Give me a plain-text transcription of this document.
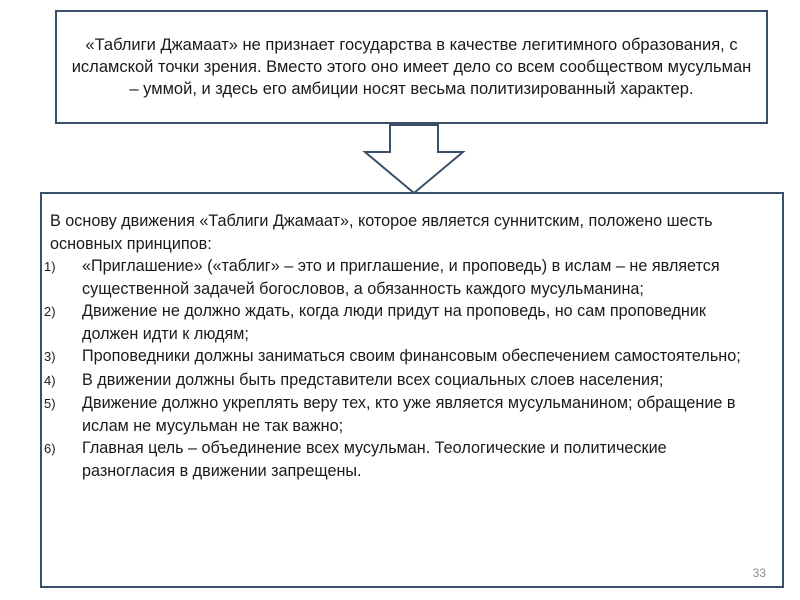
«Таблиги Джамаат» не признает государства в качестве легитимного образования, с исламской точки зрения. Вместо этого оно имеет дело со всем сообществом мусульман – уммой, и здесь его амбиции носят весьма политизированный характер.
В основу движения «Таблиги Джамаат», которое является суннитским, положено шесть основных принципов:
1)	«Приглашение» («таблиг» – это и приглашение, и проповедь) в ислам – не является существенной задачей богословов, а обязанность каждого мусульманина;
2)	Движение не должно ждать, когда люди придут на проповедь, но сам проповедник должен идти к людям;
3)	Проповедники должны заниматься своим финансовым обеспечением самостоятельно;
4)	В движении должны быть представители всех социальных слоев населения;
5)	Движение должно укреплять веру тех, кто уже является мусульманином; обращение в ислам не мусульман не так важно;
6)	Главная цель – объединение всех мусульман. Теологические и политические разногласия в движении запрещены.
33
